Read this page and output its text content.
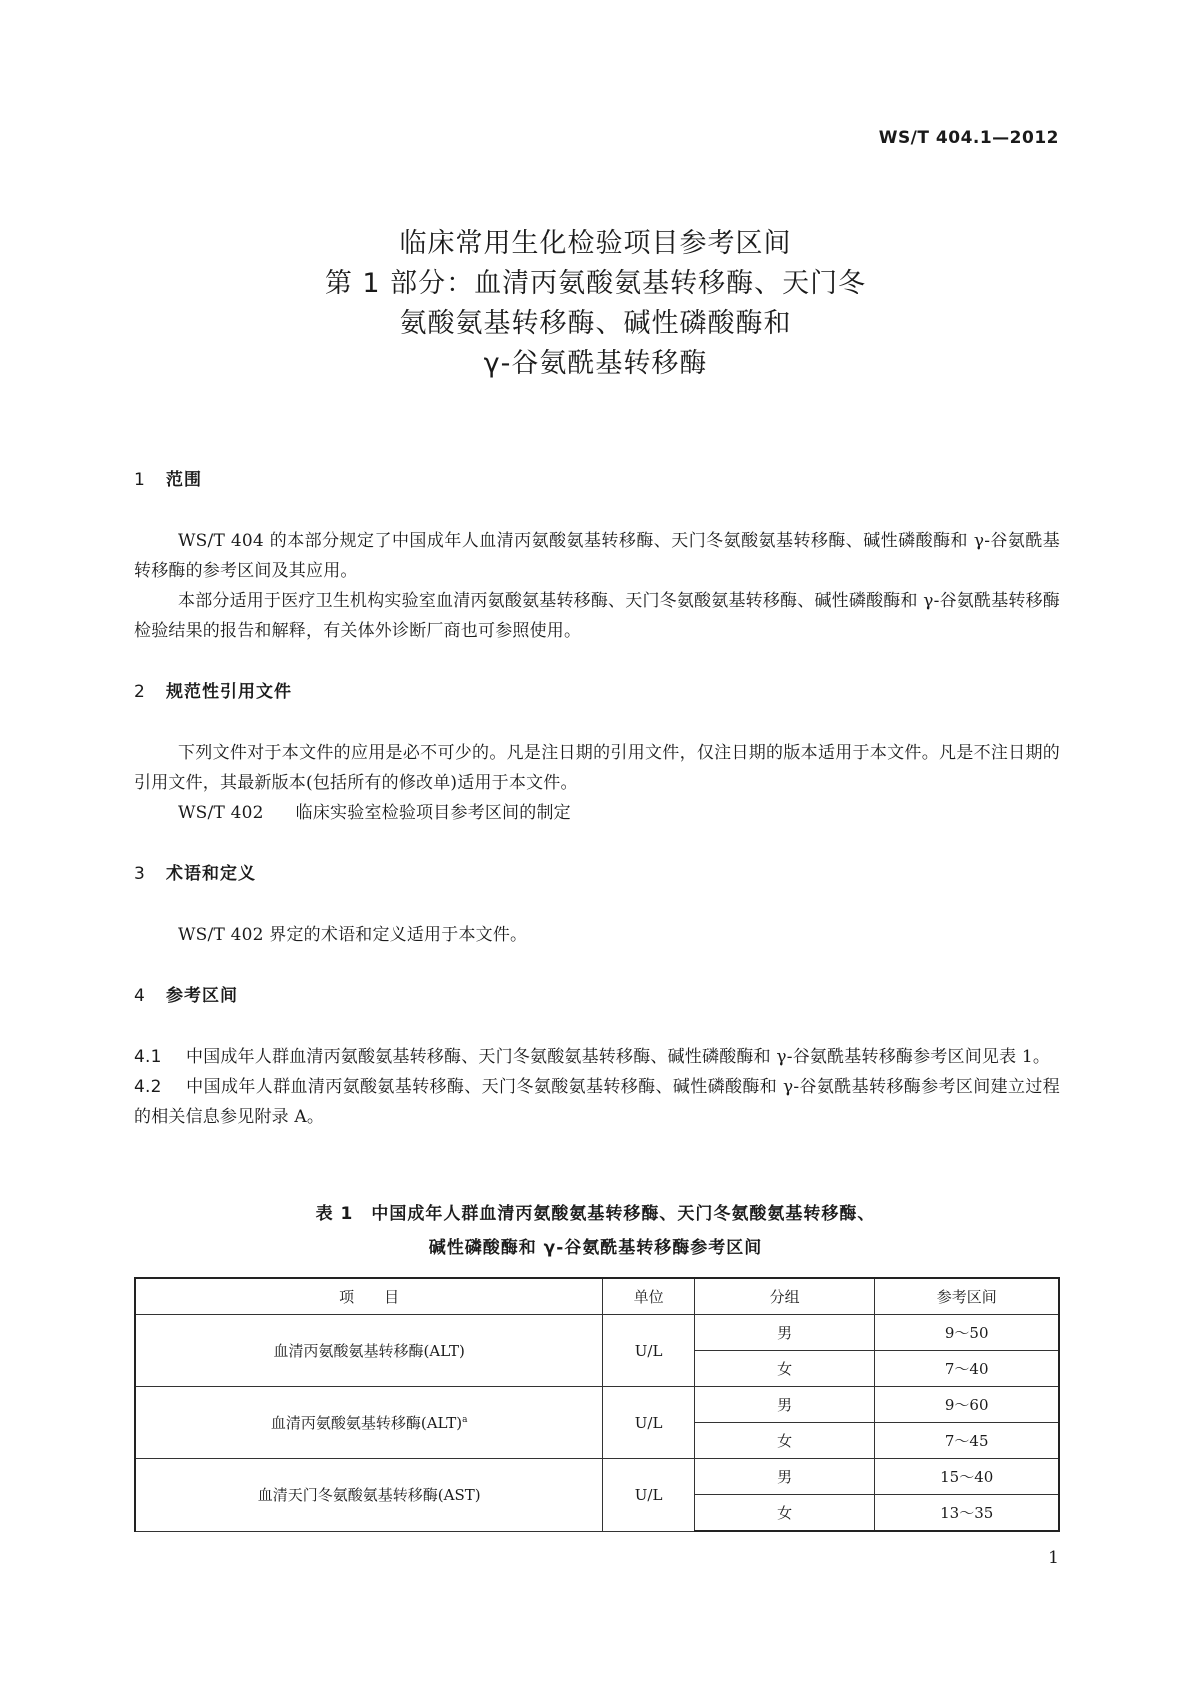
WS/T 404.1—2012
临床常用生化检验项目参考区间
第 1 部分：血清丙氨酸氨基转移酶、天门冬
氨酸氨基转移酶、碱性磷酸酶和
γ-谷氨酰基转移酶
1 范围

WS/T 404 的本部分规定了中国成年人血清丙氨酸氨基转移酶、天门冬氨酸氨基转移酶、碱性磷酸酶和 γ-谷氨酰基转移酶的参考区间及其应用。

本部分适用于医疗卫生机构实验室血清丙氨酸氨基转移酶、天门冬氨酸氨基转移酶、碱性磷酸酶和 γ-谷氨酰基转移酶检验结果的报告和解释，有关体外诊断厂商也可参照使用。

2 规范性引用文件

下列文件对于本文件的应用是必不可少的。凡是注日期的引用文件，仅注日期的版本适用于本文件。凡是不注日期的引用文件，其最新版本(包括所有的修改单)适用于本文件。

WS/T 402 临床实验室检验项目参考区间的制定

3 术语和定义

WS/T 402 界定的术语和定义适用于本文件。

4 参考区间

4.1 中国成年人群血清丙氨酸氨基转移酶、天门冬氨酸氨基转移酶、碱性磷酸酶和 γ-谷氨酰基转移酶参考区间见表 1。

4.2 中国成年人群血清丙氨酸氨基转移酶、天门冬氨酸氨基转移酶、碱性磷酸酶和 γ-谷氨酰基转移酶参考区间建立过程的相关信息参见附录 A。

表 1 中国成年人群血清丙氨酸氨基转移酶、天门冬氨酸氨基转移酶、
碱性磷酸酶和 γ-谷氨酰基转移酶参考区间
项　　目	单位	分组	参考区间
血清丙氨酸氨基转移酶(ALT)	U/L	男	9～50
		女	7～40
血清丙氨酸氨基转移酶(ALT)$^a$	U/L	男	9～60
		女	7～45
血清天门冬氨酸氨基转移酶(AST)	U/L	男	15～40
		女	13～35
1
